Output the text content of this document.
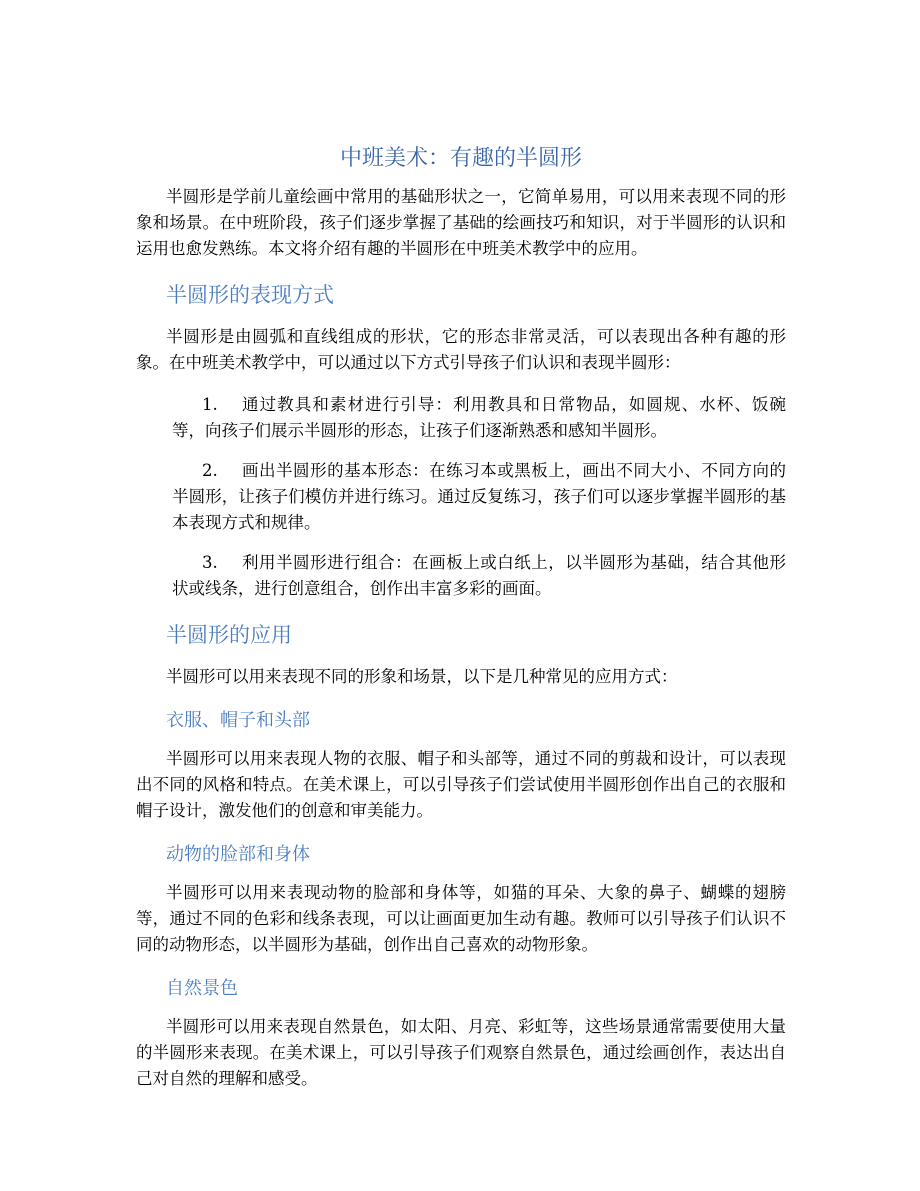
中班美术：有趣的半圆形

半圆形是学前儿童绘画中常用的基础形状之一，它简单易用，可以用来表现不同的形象和场景。在中班阶段，孩子们逐步掌握了基础的绘画技巧和知识，对于半圆形的认识和运用也愈发熟练。本文将介绍有趣的半圆形在中班美术教学中的应用。

半圆形的表现方式

半圆形是由圆弧和直线组成的形状，它的形态非常灵活，可以表现出各种有趣的形象。在中班美术教学中，可以通过以下方式引导孩子们认识和表现半圆形：

1.	通过教具和素材进行引导：利用教具和日常物品，如圆规、水杯、饭碗等，向孩子们展示半圆形的形态，让孩子们逐渐熟悉和感知半圆形。
2.	画出半圆形的基本形态：在练习本或黑板上，画出不同大小、不同方向的半圆形，让孩子们模仿并进行练习。通过反复练习，孩子们可以逐步掌握半圆形的基本表现方式和规律。
3.	利用半圆形进行组合：在画板上或白纸上，以半圆形为基础，结合其他形状或线条，进行创意组合，创作出丰富多彩的画面。
半圆形的应用

半圆形可以用来表现不同的形象和场景，以下是几种常见的应用方式：

衣服、帽子和头部

半圆形可以用来表现人物的衣服、帽子和头部等，通过不同的剪裁和设计，可以表现出不同的风格和特点。在美术课上，可以引导孩子们尝试使用半圆形创作出自己的衣服和帽子设计，激发他们的创意和审美能力。

动物的脸部和身体

半圆形可以用来表现动物的脸部和身体等，如猫的耳朵、大象的鼻子、蝴蝶的翅膀等，通过不同的色彩和线条表现，可以让画面更加生动有趣。教师可以引导孩子们认识不同的动物形态，以半圆形为基础，创作出自己喜欢的动物形象。

自然景色

半圆形可以用来表现自然景色，如太阳、月亮、彩虹等，这些场景通常需要使用大量的半圆形来表现。在美术课上，可以引导孩子们观察自然景色，通过绘画创作，表达出自己对自然的理解和感受。
